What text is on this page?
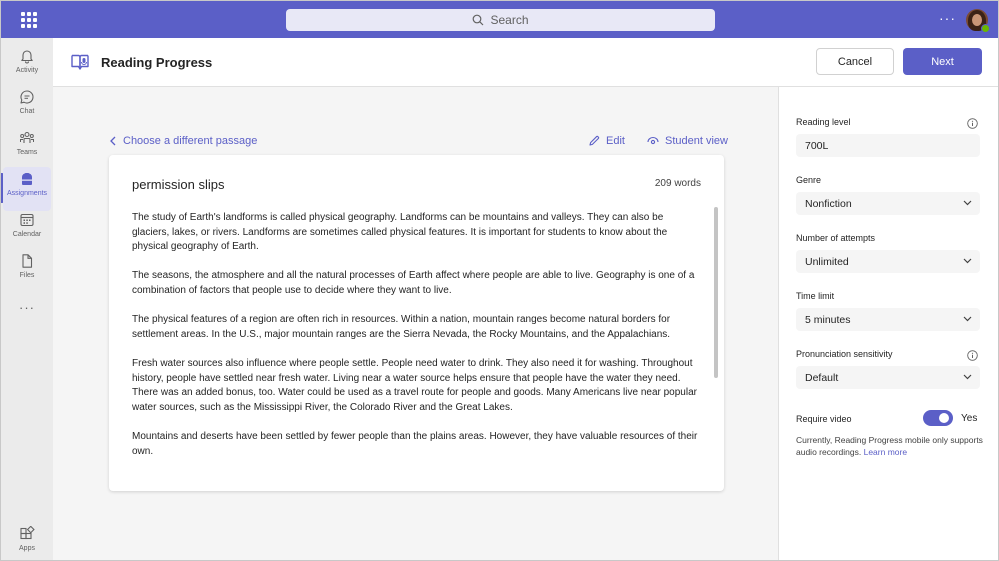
Search	···
Activity
Chat
Teams
Assignments
Calendar
Files
···
Apps
Reading Progress	Cancel	Next
Choose a different passage	Edit	Student view
permission slips	209 words

The study of Earth's landforms is called physical geography. Landforms can be mountains and valleys. They can also be glaciers, lakes, or rivers. Landforms are sometimes called physical features. It is important for students to know about the physical geography of Earth.

The seasons, the atmosphere and all the natural processes of Earth affect where people are able to live. Geography is one of a combination of factors that people use to decide where they want to live.

The physical features of a region are often rich in resources. Within a nation, mountain ranges become natural borders for settlement areas. In the U.S., major mountain ranges are the Sierra Nevada, the Rocky Mountains, and the Appalachians.

Fresh water sources also influence where people settle. People need water to drink. They also need it for washing. Throughout history, people have settled near fresh water. Living near a water source helps ensure that people have the water they need. There was an added bonus, too. Water could be used as a travel route for people and goods. Many Americans live near popular water sources, such as the Mississippi River, the Colorado River and the Great Lakes.

Mountains and deserts have been settled by fewer people than the plains areas. However, they have valuable resources of their own.

Reading level
700L
Genre
Nonfiction
Number of attempts
Unlimited
Time limit
5 minutes
Pronunciation sensitivity
Default
Require video	Yes
Currently, Reading Progress mobile only supports audio recordings. Learn more
